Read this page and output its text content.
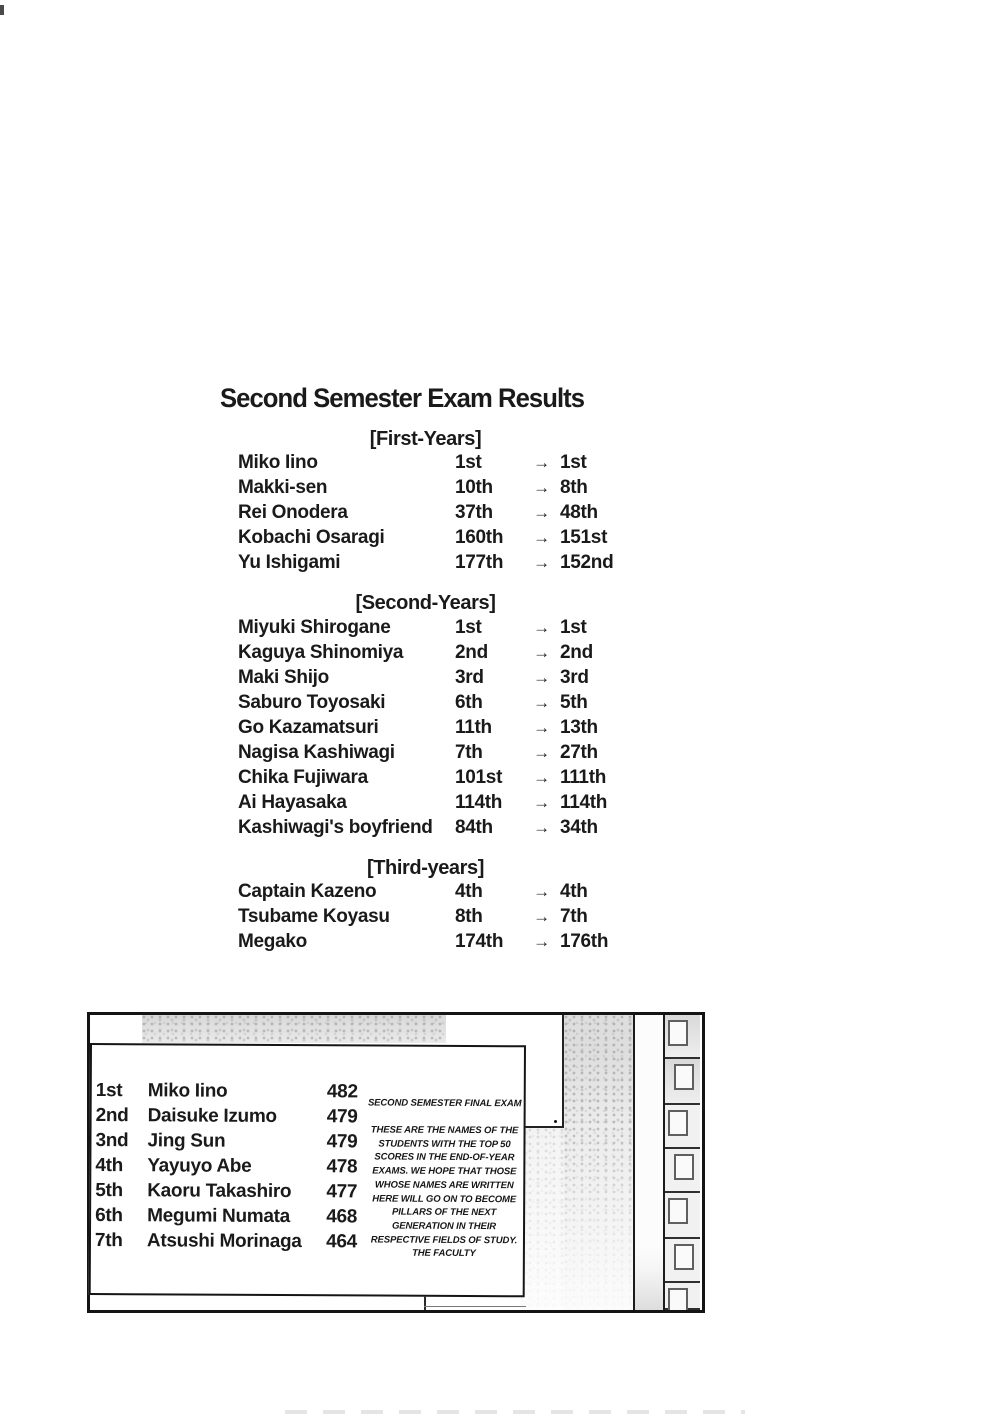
Second Semester Exam Results
[First-Years]
Miko Iino	1st	→ 1st
Makki-sen	10th	→ 8th
Rei Onodera	37th	→ 48th
Kobachi Osaragi	160th	→ 151st
Yu Ishigami	177th	→ 152nd
[Second-Years]
Miyuki Shirogane	1st	→ 1st
Kaguya Shinomiya	2nd	→ 2nd
Maki Shijo	3rd	→ 3rd
Saburo Toyosaki	6th	→ 5th
Go Kazamatsuri	11th	→ 13th
Nagisa Kashiwagi	7th	→ 27th
Chika Fujiwara	101st	→ 111th
Ai Hayasaka	114th	→ 114th
Kashiwagi's boyfriend	84th	→ 34th
[Third-years]
Captain Kazeno	4th	→ 4th
Tsubame Koyasu	8th	→ 7th
Megako	174th	→ 176th
1st	Miko Iino	482
2nd Daisuke Izumo	479
3nd Jing Sun	479
4th	Yayuyo Abe	478
5th	Kaoru Takashiro	477
6th	Megumi Numata	468
7th	Atsushi Morinaga	464
SECOND SEMESTER FINAL EXAM
THESE ARE THE NAMES OF THE
STUDENTS WITH THE TOP 50
SCORES IN THE END-OF-YEAR
EXAMS. WE HOPE THAT THOSE
WHOSE NAMES ARE WRITTEN
HERE WILL GO ON TO BECOME
PILLARS OF THE NEXT
GENERATION IN THEIR
RESPECTIVE FIELDS OF STUDY.
THE FACULTY
